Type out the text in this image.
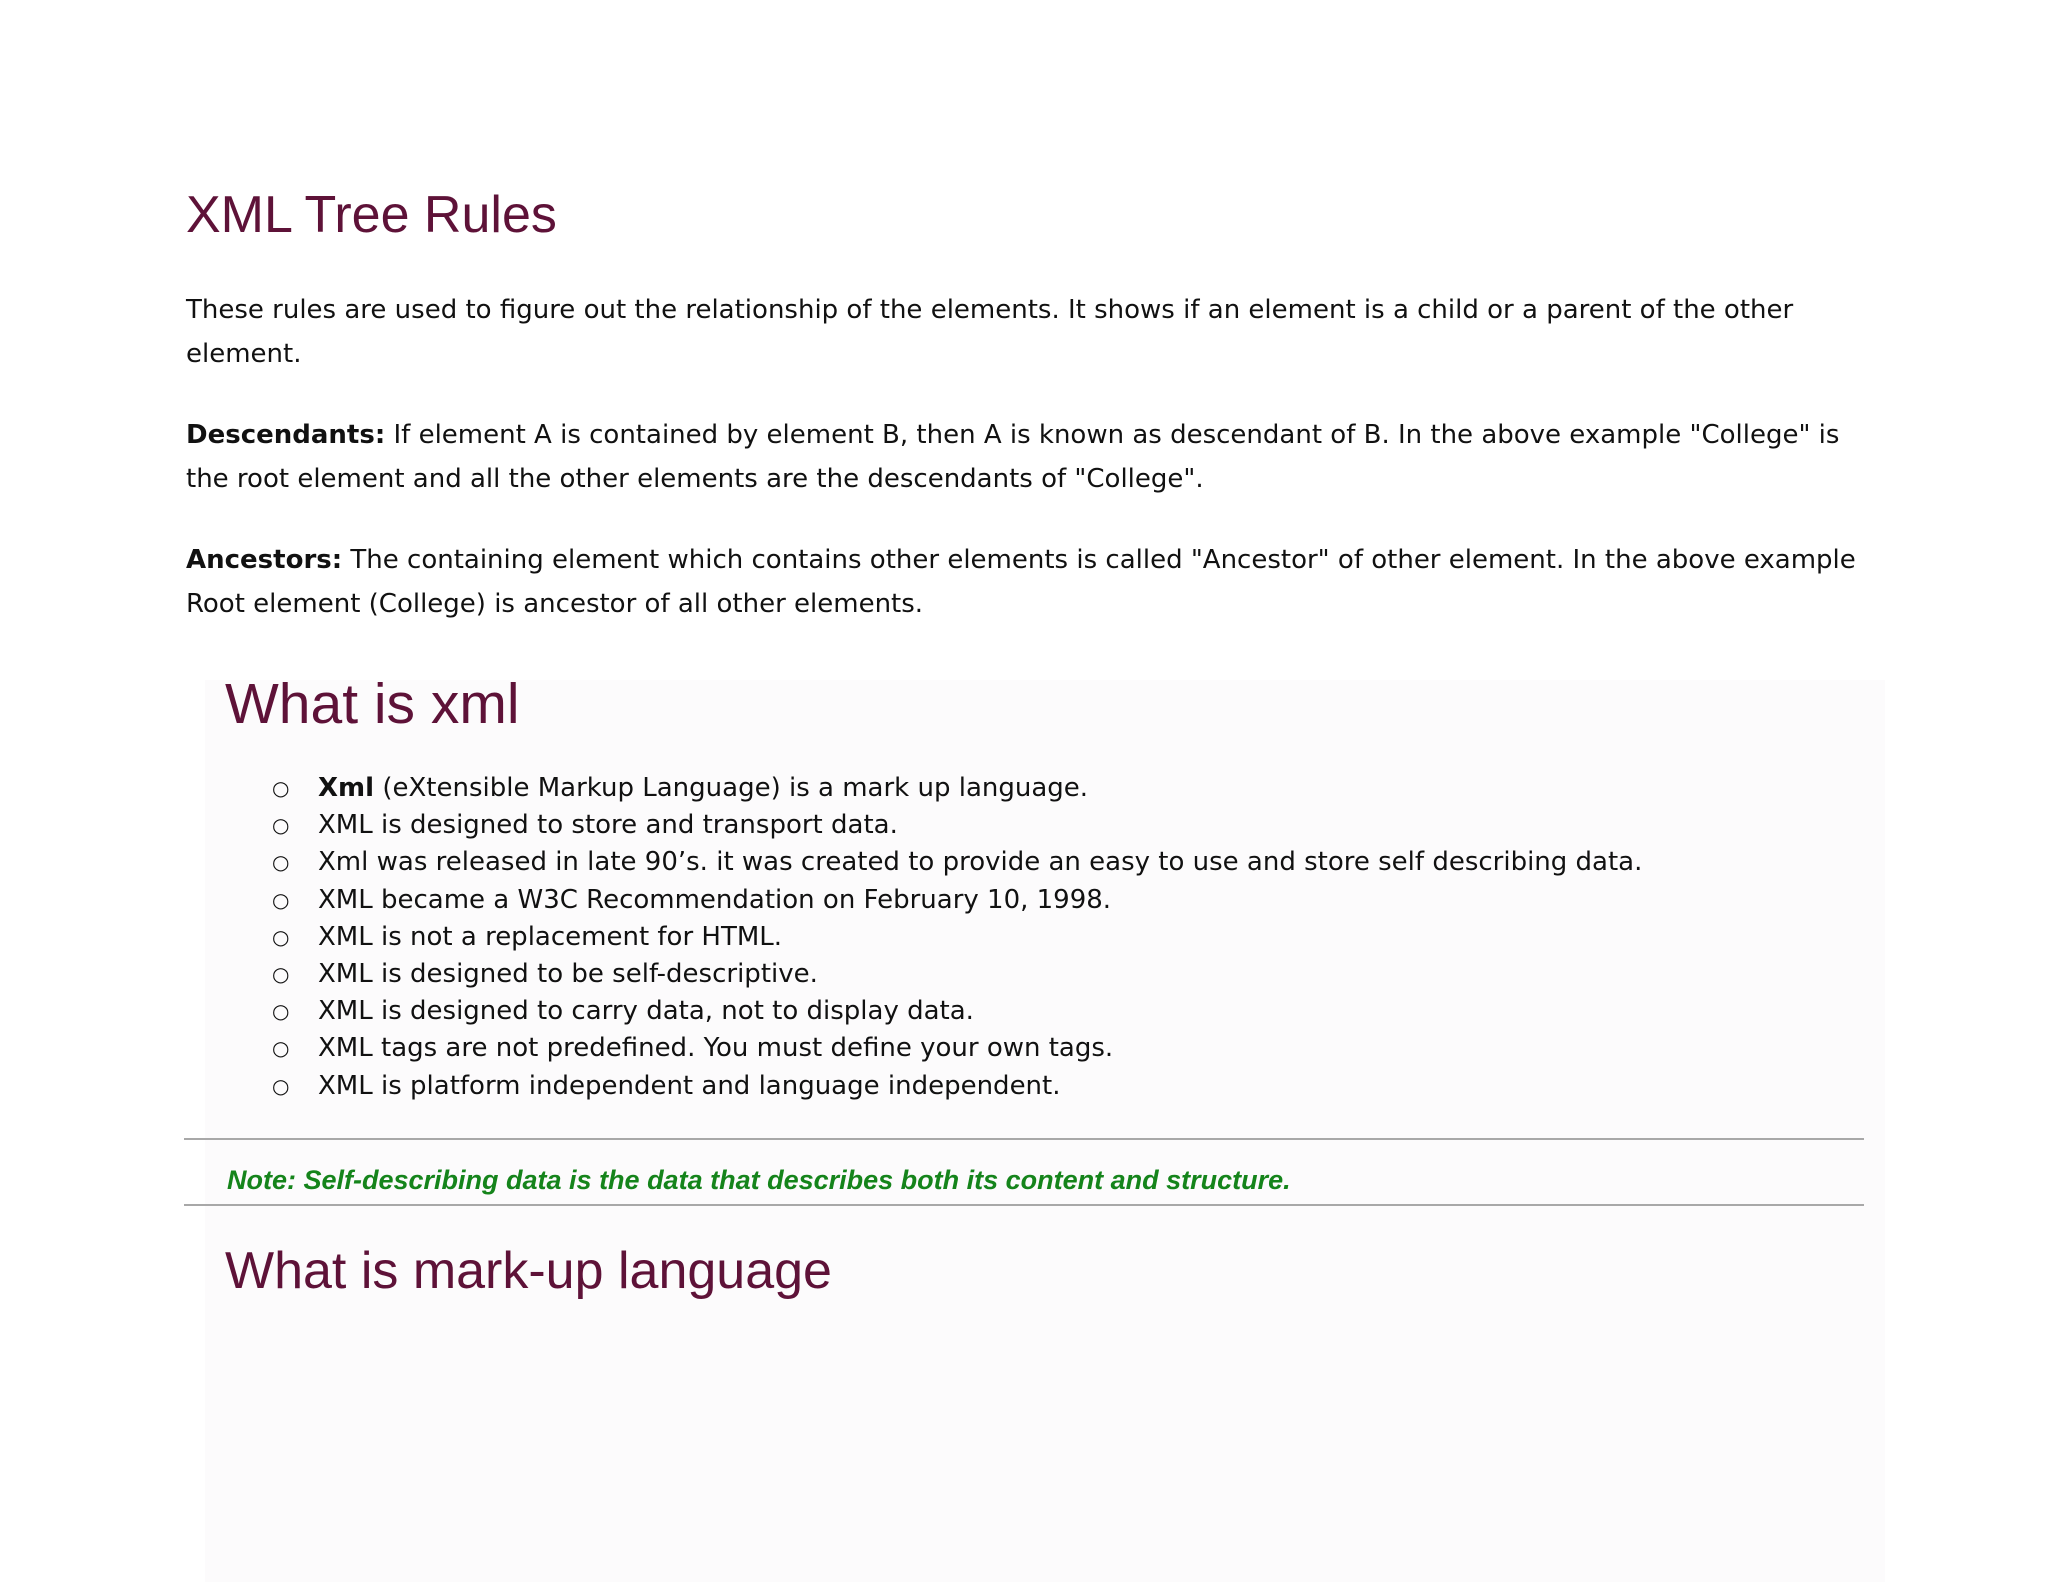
XML Tree Rules

These rules are used to figure out the relationship of the elements. It shows if an element is a child or a parent of the other element.

Descendants: If element A is contained by element B, then A is known as descendant of B. In the above example "College" is the root element and all the other elements are the descendants of "College".

Ancestors: The containing element which contains other elements is called "Ancestor" of other element. In the above example Root element (College) is ancestor of all other elements.

What is xml
○ Xml (eXtensible Markup Language) is a mark up language.
○ XML is designed to store and transport data.
○ Xml was released in late 90’s. it was created to provide an easy to use and store self describing data.
○ XML became a W3C Recommendation on February 10, 1998.
○ XML is not a replacement for HTML.
○ XML is designed to be self-descriptive.
○ XML is designed to carry data, not to display data.
○ XML tags are not predefined. You must define your own tags.
○ XML is platform independent and language independent.

Note: Self-describing data is the data that describes both its content and structure.

What is mark-up language
